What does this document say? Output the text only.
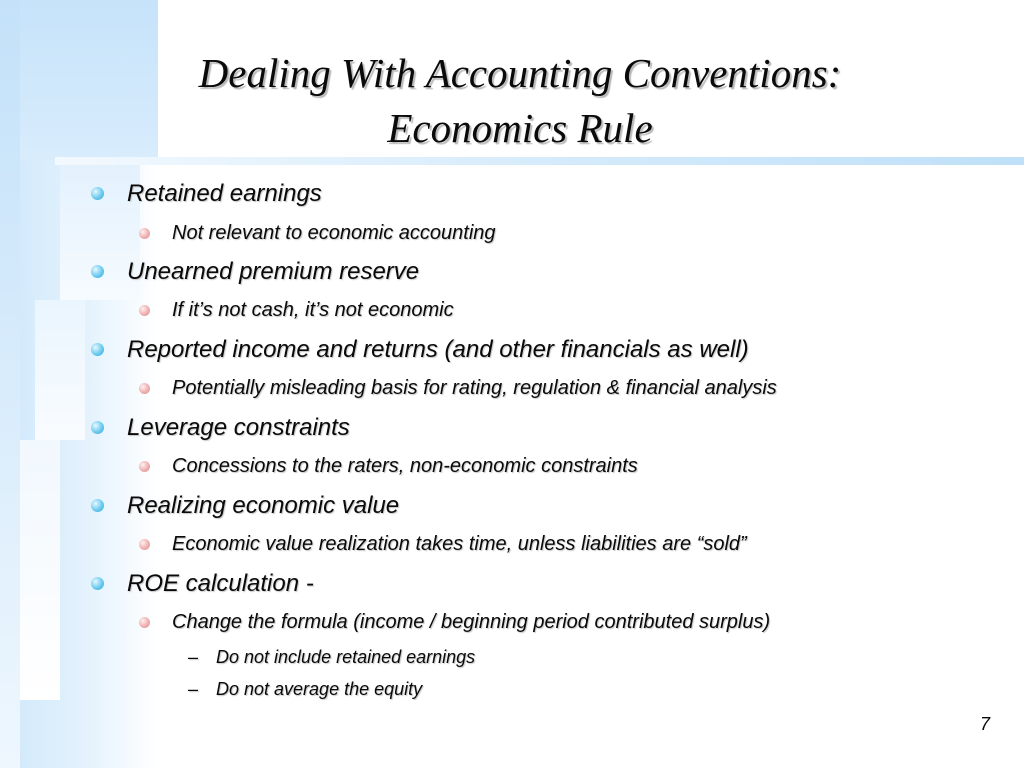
Dealing With Accounting Conventions:
Economics Rule
Retained earnings
Not relevant to economic accounting
Unearned premium reserve
If it’s not cash, it’s not economic
Reported income and returns (and other financials as well)
Potentially misleading basis for rating, regulation & financial analysis
Leverage constraints
Concessions to the raters, non-economic constraints
Realizing economic value
Economic value realization takes time, unless liabilities are “sold”
ROE calculation -
Change the formula (income / beginning period contributed surplus)
– Do not include retained earnings
– Do not average the equity
7
